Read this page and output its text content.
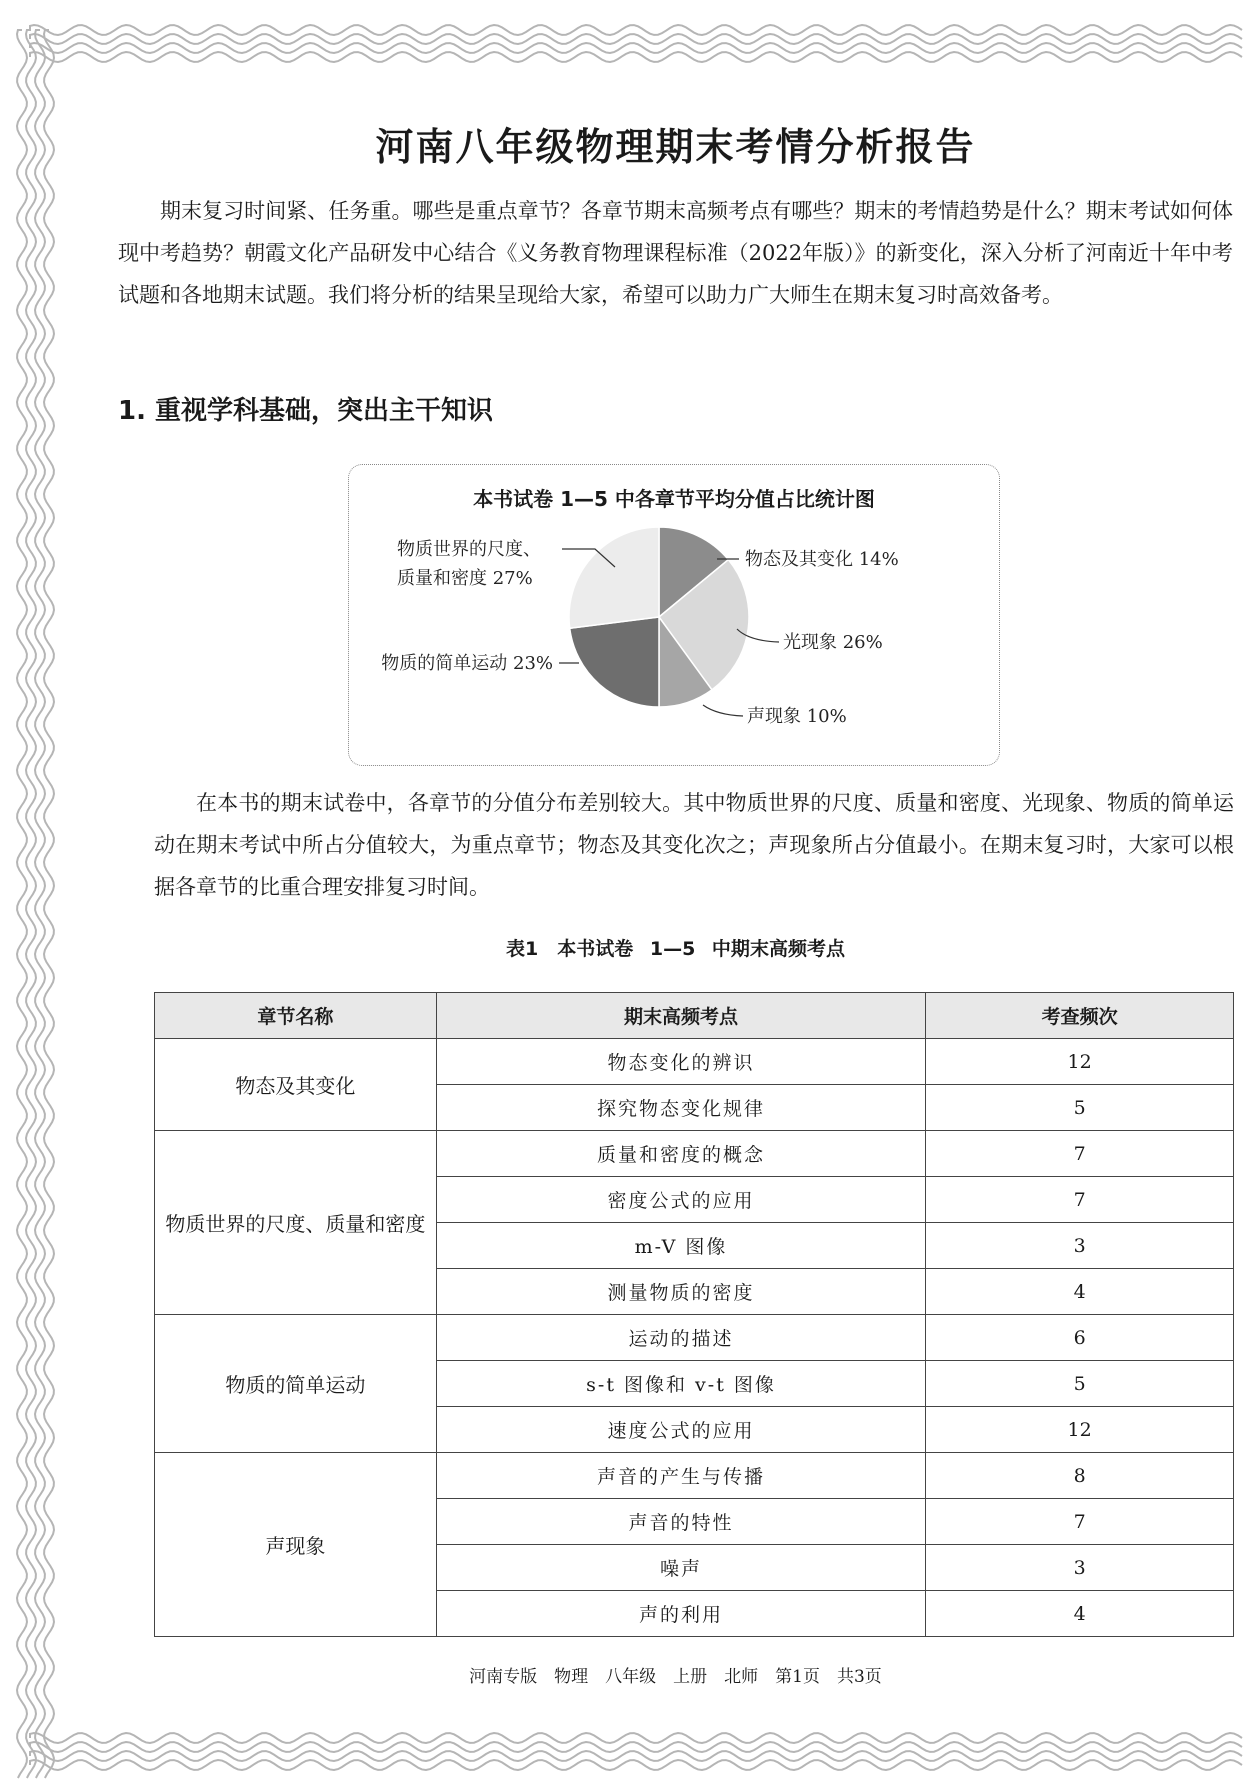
河南八年级物理期末考情分析报告

期末复习时间紧、任务重。哪些是重点章节？各章节期末高频考点有哪些？期末的考情趋势是什么？期末考试如何体现中考趋势？朝霞文化产品研发中心结合《义务教育物理课程标准（2022年版）》的新变化，深入分析了河南近十年中考试题和各地期末试题。我们将分析的结果呈现给大家，希望可以助力广大师生在期末复习时高效备考。

1. 重视学科基础，突出主干知识
本书试卷 1—5 中各章节平均分值占比统计图
物态及其变化 14%
光现象 26%
声现象 10%
物质的简单运动 23%
物质世界的尺度、
质量和密度 27%

在本书的期末试卷中，各章节的分值分布差别较大。其中物质世界的尺度、质量和密度、光现象、物质的简单运动在期末考试中所占分值较大，为重点章节；物态及其变化次之；声现象所占分值最小。在期末复习时，大家可以根据各章节的比重合理安排复习时间。

表1　本书试卷 1—5 中期末高频考点
章节名称	期末高频考点	考查频次
物态及其变化	物态变化的辨识	12
	探究物态变化规律	5
物质世界的尺度、质量和密度	质量和密度的概念	7
	密度公式的应用	7
	m-V 图像	3
	测量物质的密度	4
物质的简单运动	运动的描述	6
	s-t 图像和 v-t 图像	5
	速度公式的应用	12
声现象	声音的产生与传播	8
	声音的特性	7
	噪声	3
	声的利用	4
河南专版　物理　八年级　上册　北师　第1页　共3页
